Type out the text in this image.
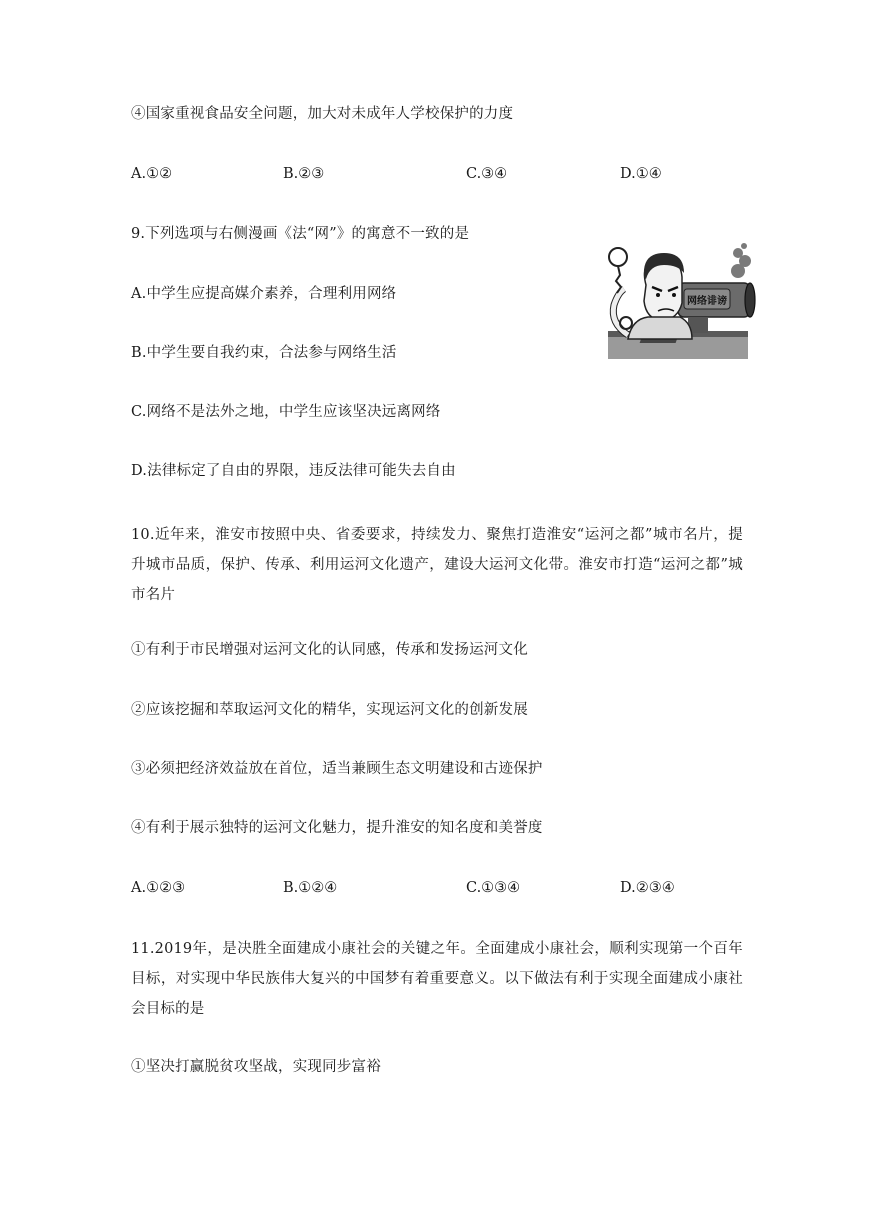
④国家重视食品安全问题，加大对未成年人学校保护的力度
A.①②	B.②③	C.③④	D.①④
9.下列选项与右侧漫画《法“网”》的寓意不一致的是
A.中学生应提高媒介素养，合理利用网络
B.中学生要自我约束，合法参与网络生活
C.网络不是法外之地，中学生应该坚决远离网络
D.法律标定了自由的界限，违反法律可能失去自由
网络诽谤
10.近年来，淮安市按照中央、省委要求，持续发力、聚焦打造淮安“运河之都”城市名片，提升城市品质，保护、传承、利用运河文化遗产，建设大运河文化带。淮安市打造“运河之都”城市名片
①有利于市民增强对运河文化的认同感，传承和发扬运河文化
②应该挖掘和萃取运河文化的精华，实现运河文化的创新发展
③必须把经济效益放在首位，适当兼顾生态文明建设和古迹保护
④有利于展示独特的运河文化魅力，提升淮安的知名度和美誉度
A.①②③	B.①②④	C.①③④	D.②③④
11.2019年，是决胜全面建成小康社会的关键之年。全面建成小康社会，顺利实现第一个百年目标，对实现中华民族伟大复兴的中国梦有着重要意义。以下做法有利于实现全面建成小康社会目标的是
①坚决打赢脱贫攻坚战，实现同步富裕
